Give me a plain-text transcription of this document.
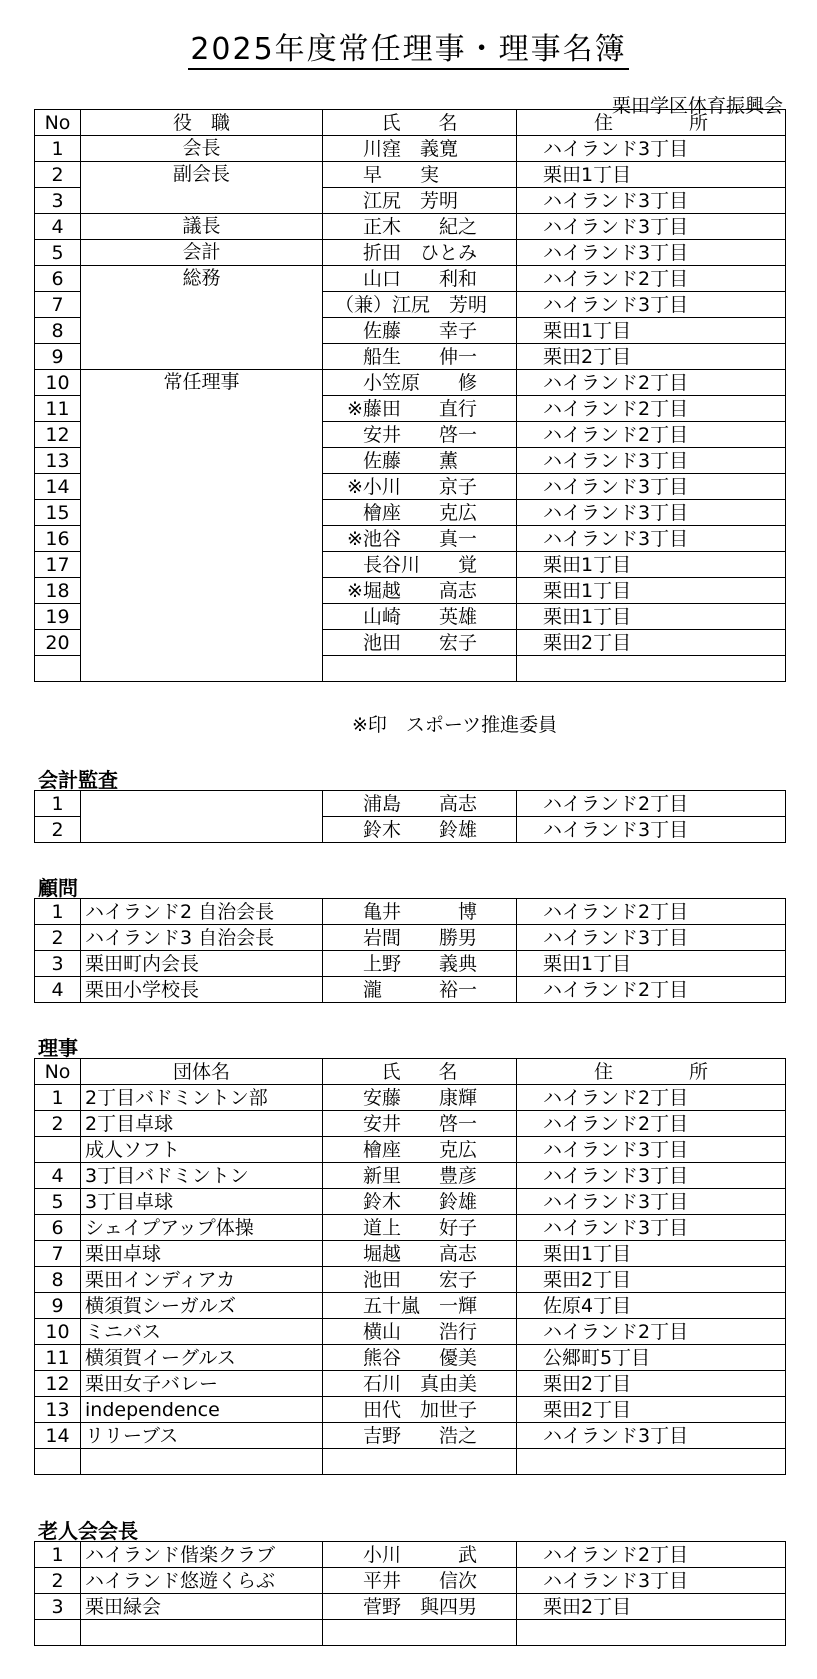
2025年度常任理事・理事名簿
栗田学区体育振興会
No	役　職	氏　　名	住　　　　所
1	会長	川窪　義寛	ハイランド3丁目
2	副会長	早　　実	栗田1丁目
3		江尻　芳明	ハイランド3丁目
4	議長	正木　　紀之	ハイランド3丁目
5	会計	折田　ひとみ	ハイランド3丁目
6	総務	山口　　利和	ハイランド2丁目
7		（兼）江尻　芳明	ハイランド3丁目
8		佐藤　　幸子	栗田1丁目
9		船生　　伸一	栗田2丁目
10	常任理事	小笠原　　修	ハイランド2丁目
11		※藤田　　直行	ハイランド2丁目
12		安井　　啓一	ハイランド2丁目
13		佐藤　　薫	ハイランド3丁目
14		※小川　　京子	ハイランド3丁目
15		檜座　　克広	ハイランド3丁目
16		※池谷　　真一	ハイランド3丁目
17		長谷川　　覚	栗田1丁目
18		※堀越　　高志	栗田1丁目
19		山崎　　英雄	栗田1丁目
20		池田　　宏子	栗田2丁目

※印　スポーツ推進委員
会計監査
1		浦島　　高志	ハイランド2丁目
2		鈴木　　鈴雄	ハイランド3丁目
顧問
1	ハイランド2 自治会長	亀井　　　博	ハイランド2丁目
2	ハイランド3 自治会長	岩間　　勝男	ハイランド3丁目
3	栗田町内会長	上野　　義典	栗田1丁目
4	栗田小学校長	瀧　　　裕一	ハイランド2丁目
理事
No	団体名	氏　　名	住　　　　所
1	2丁目バドミントン部	安藤　　康輝	ハイランド2丁目
2	2丁目卓球	安井　　啓一	ハイランド2丁目
	成人ソフト	檜座　　克広	ハイランド3丁目
4	3丁目バドミントン	新里　　豊彦	ハイランド3丁目
5	3丁目卓球	鈴木　　鈴雄	ハイランド3丁目
6	シェイプアップ体操	道上　　好子	ハイランド3丁目
7	栗田卓球	堀越　　高志	栗田1丁目
8	栗田インディアカ	池田　　宏子	栗田2丁目
9	横須賀シーガルズ	五十嵐　一輝	佐原4丁目
10	ミニバス	横山　　浩行	ハイランド2丁目
11	横須賀イーグルス	熊谷　　優美	公郷町5丁目
12	栗田女子バレー	石川　真由美	栗田2丁目
13	independence	田代　加世子	栗田2丁目
14	リリーブス	吉野　　浩之	ハイランド3丁目

老人会会長
1	ハイランド偕楽クラブ	小川　　　武	ハイランド2丁目
2	ハイランド悠遊くらぶ	平井　　信次	ハイランド3丁目
3	栗田緑会	菅野　與四男	栗田2丁目
